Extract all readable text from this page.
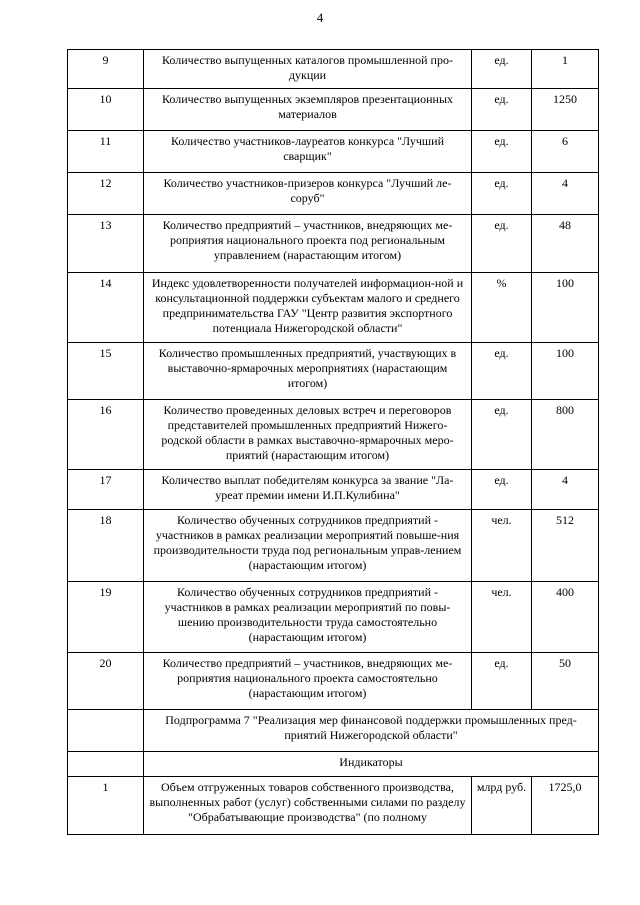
4
9	Количество выпущенных каталогов промышленной про-дукции	ед.	1
10	Количество выпущенных экземпляров презентационных материалов	ед.	1250
11	Количество участников-лауреатов конкурса "Лучший сварщик"	ед.	6
12	Количество участников-призеров конкурса "Лучший ле-соруб"	ед.	4
13	Количество предприятий – участников, внедряющих ме-роприятия национального проекта под региональным управлением (нарастающим итогом)	ед.	48
14	Индекс удовлетворенности получателей информацион-ной и консультационной поддержки субъектам малого и среднего предпринимательства ГАУ "Центр развития экспортного потенциала Нижегородской области"	%	100
15	Количество промышленных предприятий, участвующих в выставочно-ярмарочных мероприятиях (нарастающим итогом)	ед.	100
16	Количество проведенных деловых встреч и переговоров представителей промышленных предприятий Нижего-родской области в рамках выставочно-ярмарочных меро-приятий (нарастающим итогом)	ед.	800
17	Количество выплат победителям конкурса за звание "Ла-уреат премии имени И.П.Кулибина"	ед.	4
18	Количество обученных сотрудников предприятий - участников в рамках реализации мероприятий повыше-ния производительности труда под региональным управ-лением (нарастающим итогом)	чел.	512
19	Количество обученных сотрудников предприятий - участников в рамках реализации мероприятий по повы-шению производительности труда самостоятельно (нарастающим итогом)	чел.	400
20	Количество предприятий – участников, внедряющих ме-роприятия национального проекта самостоятельно (нарастающим итогом)	ед.	50
	Подпрограмма 7 "Реализация мер финансовой поддержки промышленных пред-приятий Нижегородской области"		
	Индикаторы		
1	Объем отгруженных товаров собственного производства, выполненных работ (услуг) собственными силами по разделу "Обрабатывающие производства" (по полному	млрд руб.	1725,0
